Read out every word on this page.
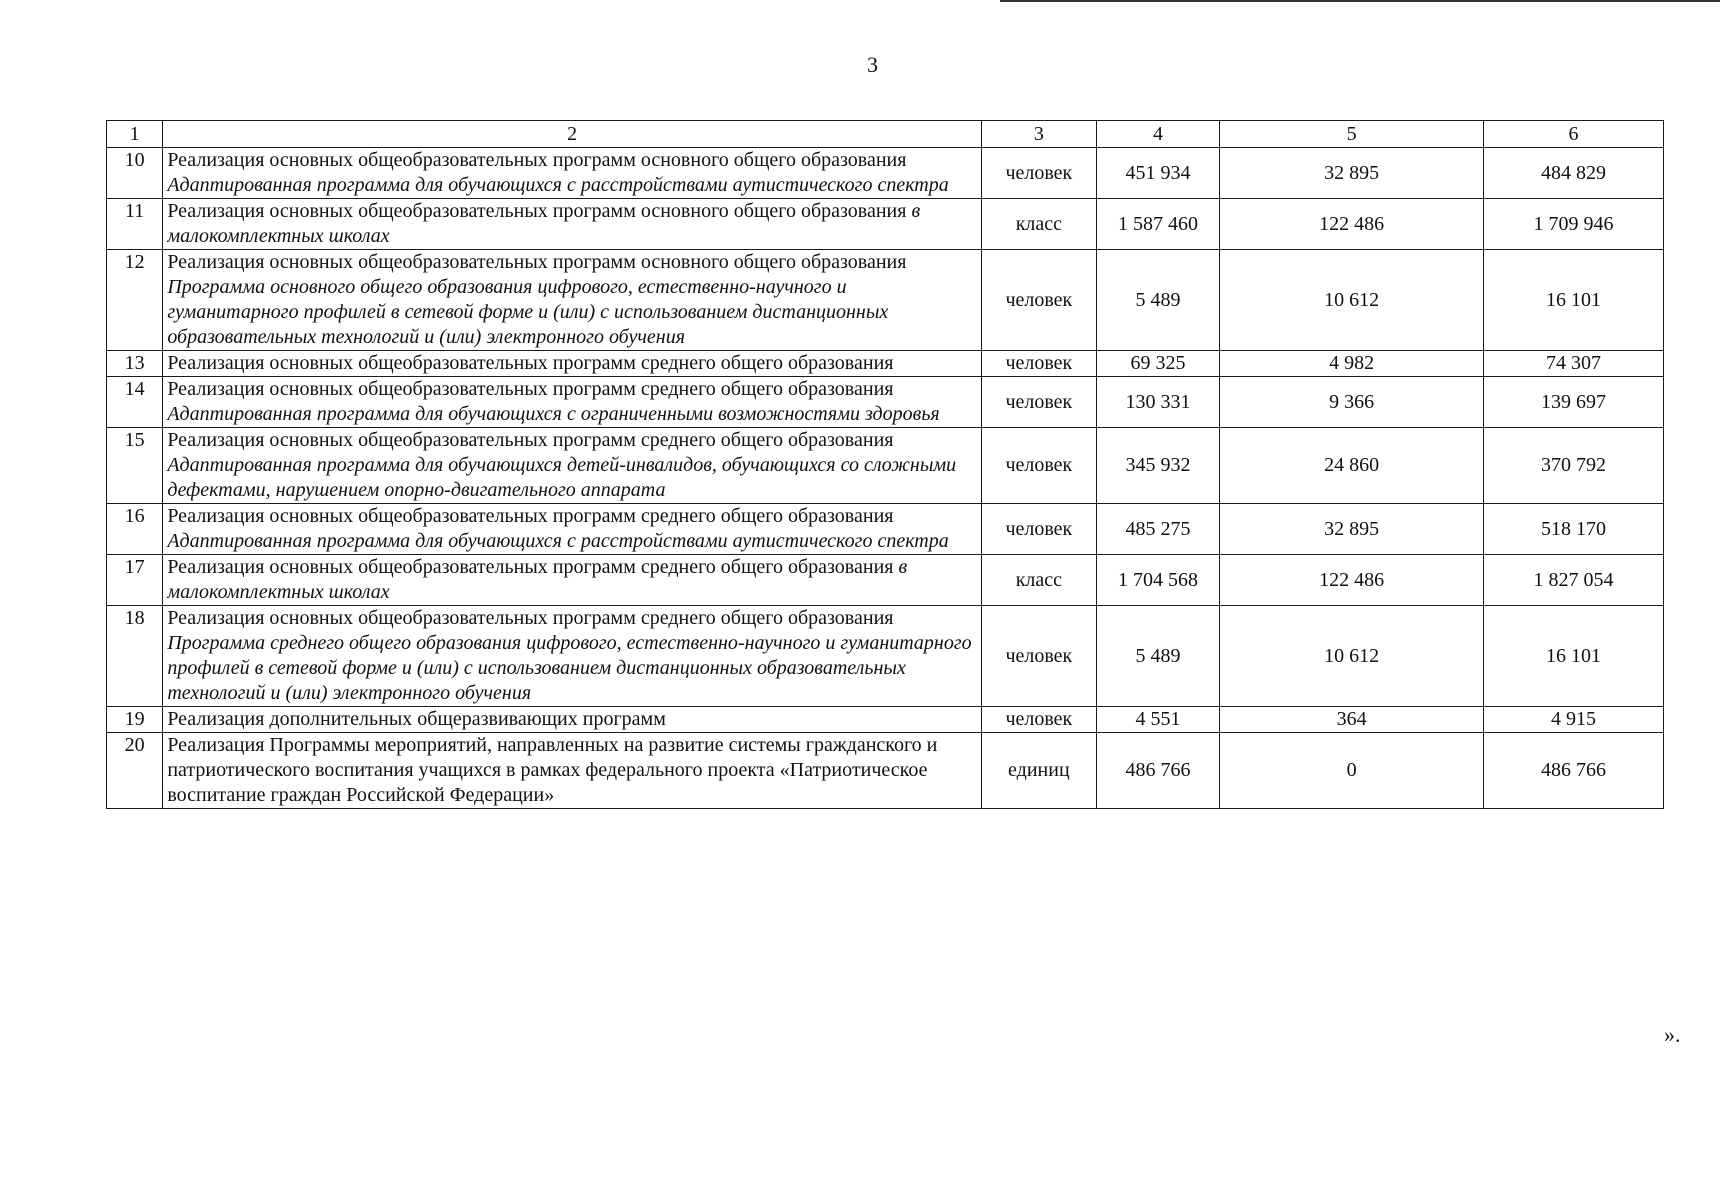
3
1	2	3	4	5	6
10	Реализация основных общеобразовательных программ основного общего образования Адаптированная программа для обучающихся с расстройствами аутистического спектра	человек	451 934	32 895	484 829
11	Реализация основных общеобразовательных программ основного общего образования в малокомплектных школах	класс	1 587 460	122 486	1 709 946
12	Реализация основных общеобразовательных программ основного общего образования Программа основного общего образования цифрового, естественно-научного и гуманитарного профилей в сетевой форме и (или) с использованием дистанционных образовательных технологий и (или) электронного обучения	человек	5 489	10 612	16 101
13	Реализация основных общеобразовательных программ среднего общего образования	человек	69 325	4 982	74 307
14	Реализация основных общеобразовательных программ среднего общего образования Адаптированная программа для обучающихся с ограниченными возможностями здоровья	человек	130 331	9 366	139 697
15	Реализация основных общеобразовательных программ среднего общего образования Адаптированная программа для обучающихся детей-инвалидов, обучающихся со сложными дефектами, нарушением опорно-двигательного аппарата	человек	345 932	24 860	370 792
16	Реализация основных общеобразовательных программ среднего общего образования Адаптированная программа для обучающихся с расстройствами аутистического спектра	человек	485 275	32 895	518 170
17	Реализация основных общеобразовательных программ среднего общего образования в малокомплектных школах	класс	1 704 568	122 486	1 827 054
18	Реализация основных общеобразовательных программ среднего общего образования Программа среднего общего образования цифрового, естественно-научного и гуманитарного профилей в сетевой форме и (или) с использованием дистанционных образовательных технологий и (или) электронного обучения	человек	5 489	10 612	16 101
19	Реализация дополнительных общеразвивающих программ	человек	4 551	364	4 915
20	Реализация Программы мероприятий, направленных на развитие системы гражданского и патриотического воспитания учащихся в рамках федерального проекта «Патриотическое воспитание граждан Российской Федерации»	единиц	486 766	0	486 766
».
